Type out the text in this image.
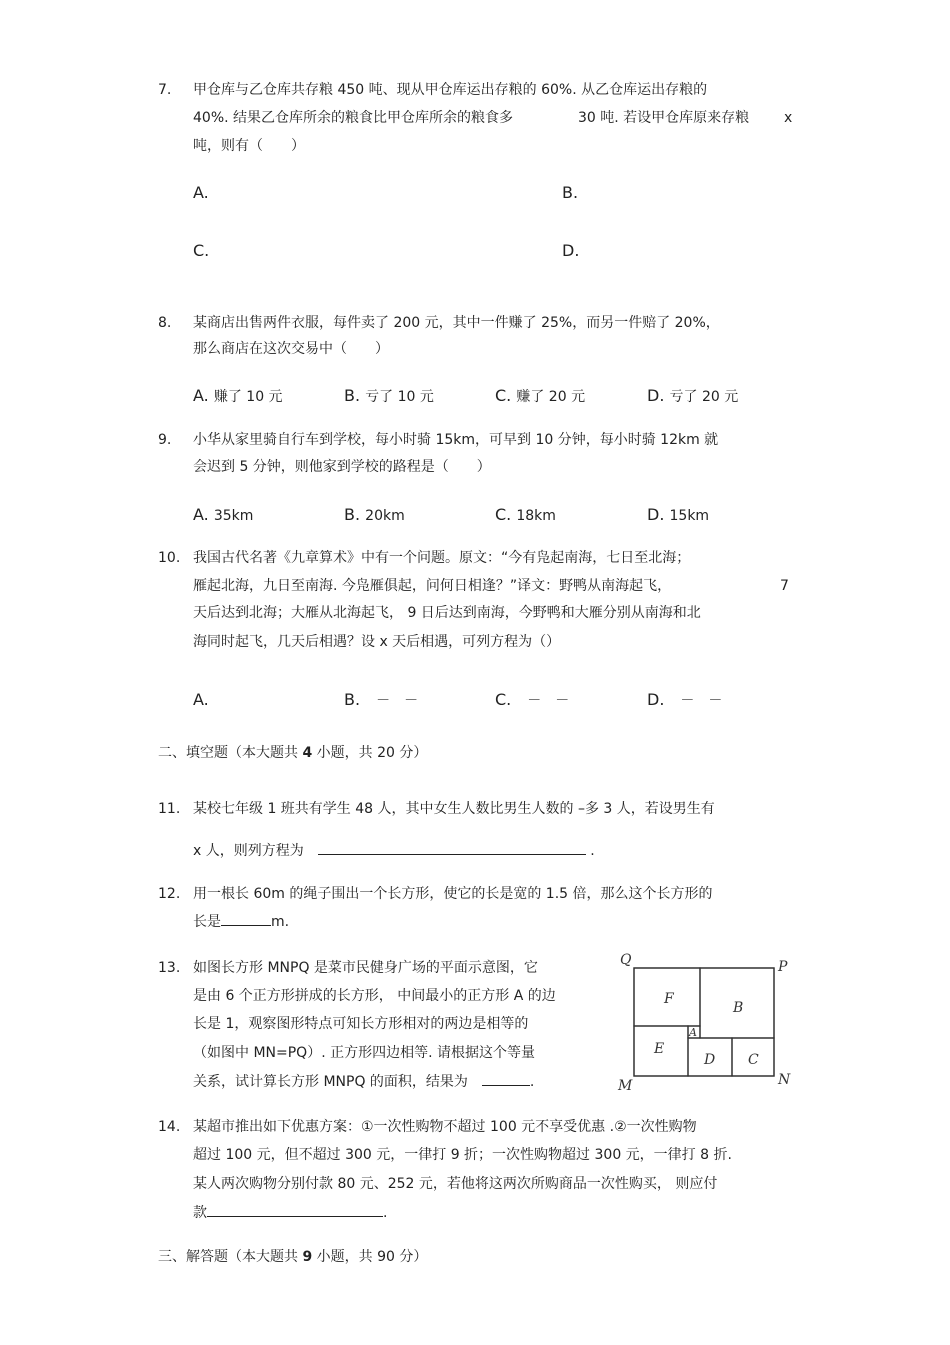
7. 甲仓库与乙仓库共存粮 450 吨、现从甲仓库运出存粮的 60%. 从乙仓库运出存粮的
40%. 结果乙仓库所余的粮食比甲仓库所余的粮食多	30 吨. 若设甲仓库原来存粮 x
吨，则有（　　）
A.	B.
C.	D.
8. 某商店出售两件衣服，每件卖了 200 元，其中一件赚了 25%，而另一件赔了 20%，
那么商店在这次交易中（　　）
A. 赚了 10 元	B. 亏了 10 元	C. 赚了 20 元	D. 亏了 20 元
9. 小华从家里骑自行车到学校，每小时骑 15km，可早到 10 分钟，每小时骑 12km 就
会迟到 5 分钟，则他家到学校的路程是（　　）
A. 35km	B. 20km	C. 18km	D. 15km
10. 我国古代名著《九章算术》中有一个问题。原文：“今有凫起南海，七日至北海；
雁起北海，九日至南海. 今凫雁俱起，问何日相逢？”译文：野鸭从南海起飞，	7
天后达到北海；大雁从北海起飞， 9 日后达到南海，今野鸭和大雁分别从南海和北
海同时起飞，几天后相遇？设 x 天后相遇，可列方程为（）
A.	B.　 －　－	C.　 －　－	D.　 －　－
二、填空题（本大题共 4 小题，共 20 分）
11. 某校七年级 1 班共有学生 48 人，其中女生人数比男生人数的 –多 3 人，若设男生有
x 人，则列方程为　	.
12. 用一根长 60m 的绳子围出一个长方形，使它的长是宽的 1.5 倍，那么这个长方形的
长是	m.
13. 如图长方形 MNPQ 是菜市民健身广场的平面示意图，它
是由 6 个正方形拼成的长方形， 中间最小的正方形 A 的边
长是 1，观察图形特点可知长方形相对的两边是相等的
（如图中 MN=PQ）. 正方形四边相等. 请根据这个等量
关系，试计算长方形 MNPQ 的面积，结果为　	.
Q	P
M	N
F
B
A
E
D C
14. 某超市推出如下优惠方案：①一次性购物不超过 100 元不享受优惠 .②一次性购物
超过 100 元，但不超过 300 元，一律打 9 折；一次性购物超过 300 元，一律打 8 折.
某人两次购物分别付款 80 元、252 元，若他将这两次所购商品一次性购买， 则应付
款	.
三、解答题（本大题共 9 小题，共 90 分）
